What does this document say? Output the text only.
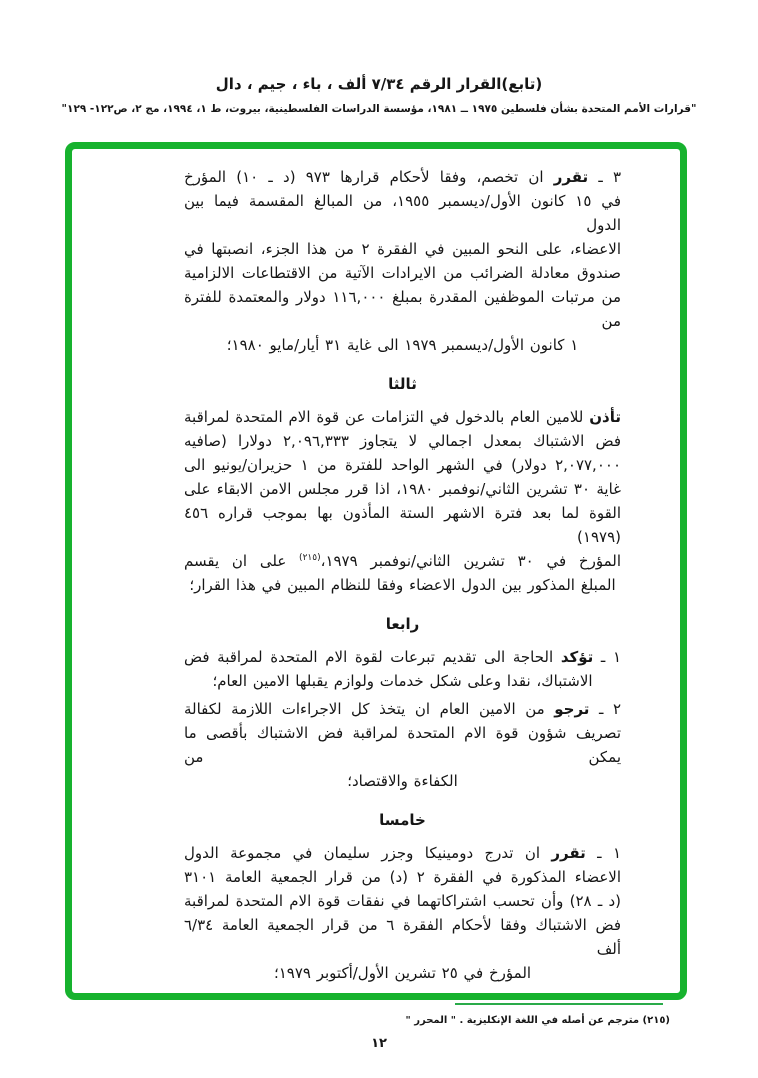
(تابع)القرار الرقم ٧/٣٤ ألف ، باء ، جيم ، دال
"قرارات الأمم المتحدة بشأن فلسطين ١٩٧٥ ــ ١٩٨١، مؤسسة الدراسات الفلسطينية، بيروت، ط ١، ١٩٩٤، مج ٢، ص١٢٢- ١٢٩"
٣ ـ تقرر ان تخصم، وفقا لأحكام قرارها ٩٧٣ (د ـ ١٠) المؤرخ
في ١٥ كانون الأول/ديسمبر ١٩٥٥، من المبالغ المقسمة فيما بين الدول
الاعضاء، على النحو المبين في الفقرة ٢ من هذا الجزء، انصبتها في
صندوق معادلة الضرائب من الايرادات الآتية من الاقتطاعات الالزامية
من مرتبات الموظفين المقدرة بمبلغ ١١٦,٠٠٠ دولار والمعتمدة للفترة من
١ كانون الأول/ديسمبر ١٩٧٩ الى غاية ٣١ أيار/مايو ١٩٨٠؛
ثالثا
تأذن للامين العام بالدخول في التزامات عن قوة الام المتحدة لمراقبة
فض الاشتباك بمعدل اجمالي لا يتجاوز ٢,٠٩٦,٣٣٣ دولارا (صافيه
٢,٠٧٧,٠٠٠ دولار) في الشهر الواحد للفترة من ١ حزيران/يونيو الى
غاية ٣٠ تشرين الثاني/نوفمبر ١٩٨٠، اذا قرر مجلس الامن الابقاء على
القوة لما بعد فترة الاشهر الستة المأذون بها بموجب قراره ٤٥٦ (١٩٧٩)
المؤرخ في ٣٠ تشرين الثاني/نوفمبر ١٩٧٩،$^{(٢١٥)}$ على ان يقسم
المبلغ المذكور بين الدول الاعضاء وفقا للنظام المبين في هذا القرار؛
رابعا
١ ـ تؤكد الحاجة الى تقديم تبرعات لقوة الام المتحدة لمراقبة فض
الاشتباك، نقدا وعلى شكل خدمات ولوازم يقبلها الامين العام؛
٢ ـ ترجو من الامين العام ان يتخذ كل الاجراءات اللازمة لكفالة
تصريف شؤون قوة الام المتحدة لمراقبة فض الاشتباك بأقصى ما يمكن من
الكفاءة والاقتصاد؛
خامسا
١ ـ تقرر ان تدرج دومينيكا وجزر سليمان في مجموعة الدول
الاعضاء المذكورة في الفقرة ٢ (د) من قرار الجمعية العامة ٣١٠١
(د ـ ٢٨) وأن تحسب اشتراكاتهما في نفقات قوة الام المتحدة لمراقبة
فض الاشتباك وفقا لأحكام الفقرة ٦ من قرار الجمعية العامة ٦/٣٤ ألف
المؤرخ في ٢٥ تشرين الأول/أكتوبر ١٩٧٩؛
(٢١٥) مترجم عن أصله في اللغة الإنكليزية . " المحرر "
١٢
